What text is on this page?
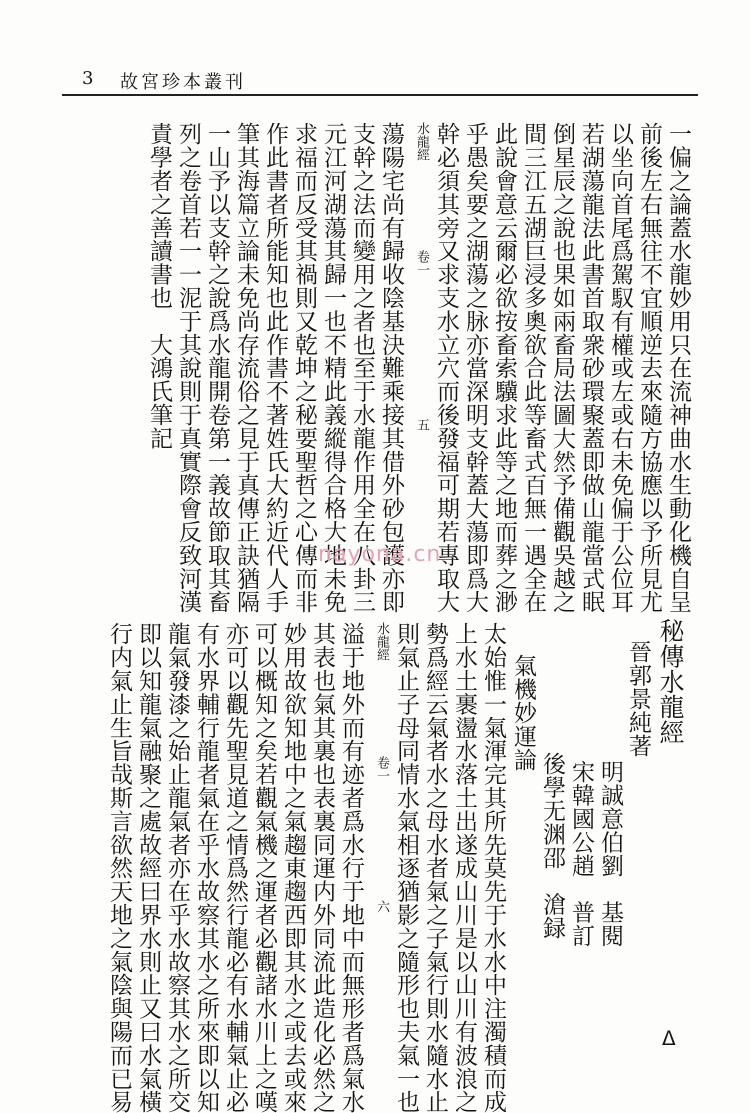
3 故宮珍本叢刊
一偏之論蓋水龍妙用只在流神曲水生動化機自呈
前後左右無往不宜順逆去來隨方協應以予所見尤
以坐向首尾爲駕馭有權或左或右未免偏于公位耳
若湖蕩龍法此書首取衆砂環聚蓋即做山龍當式眠
倒星辰之說也果如兩畜局法圖大然予備觀吳越之
間三江五湖巨浸多奧欲合此等畜式百無一遇全在
此說會意云爾必欲按畜索驥求此等之地而葬之渺
乎愚矣要之湖蕩之脉亦當深明支幹蓋大蕩即爲大
幹必須其旁又求支水立穴而後發福可期若專取大
水龍經
卷一
五
蕩陽宅尚有歸收陰基決難乘接其借外砂包護亦即
支幹之法而變用之者也至于水龍作用全在八卦三
元江河湖蕩其歸一也不精此義縱得合格大地未免
求福而反受其禍則又乾坤之秘要聖哲之心傳而非
作此書者所能知也此作書不著姓氏大約近代人手
筆其海篇立論未免尚存流俗之見于真傳正訣猶隔
一山予以支幹之說爲水龍開卷第一義故節取其畜
列之卷首若一一泥于其說則于真實際會反致河漢
責學者之善讀書也　大鴻氏筆記
nayona.cn
秘傳水龍經
晉郭景純著
明誠意伯劉　基閱
宋韓國公趙　普訂
後學无渊邵　滄録
氣機妙運論
太始惟一氣渾完其所先莫先于水水中注濁積而成
上水土裹盪水落土出遂成山川是以山川有波浪之
勢爲經云氣者水之母水者氣之子氣行則水隨水止
則氣止子母同情水氣相逐猶影之隨形也夫氣一也
水龍經
卷一
六
溢于地外而有迹者爲水行于地中而無形者爲氣水
其表也氣其裏也表裏同運内外同流此造化必然之
妙用故欲知地中之氣趨東趨西即其水之或去或來
可以概知之矣若觀氣機之運者必觀諸水川上之嘆
亦可以觀先聖見道之情爲然行龍必有水輔氣止必
有水界輔行龍者氣在乎水故察其水之所來即以知
龍氣發漆之始止龍氣者亦在乎水故察其水之所交
即以知龍氣融聚之處故經曰界水則止又曰水氣橫
行内氣止生旨哉斯言欲然天地之氣陰與陽而已易	ᐃ
